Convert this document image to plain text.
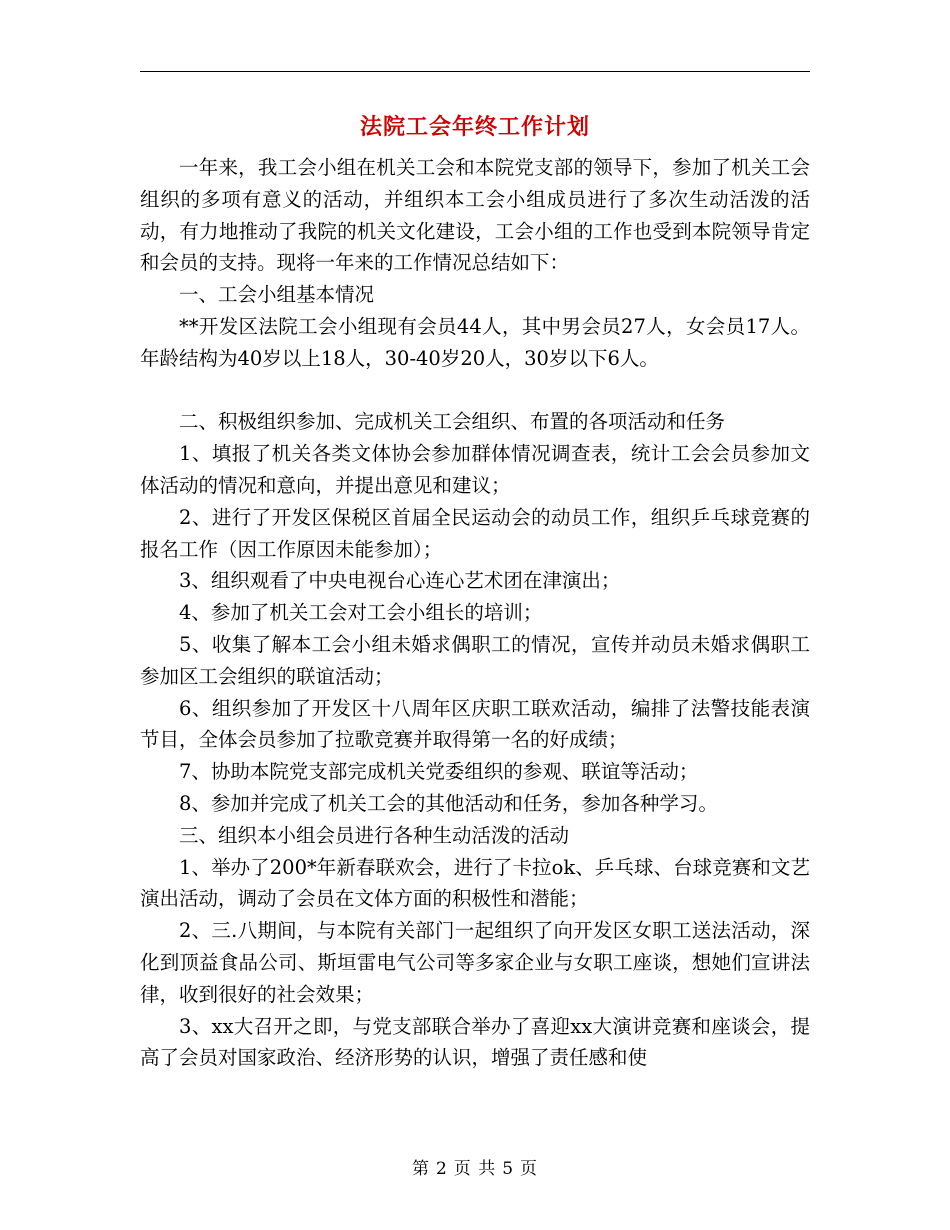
法院工会年终工作计划

一年来，我工会小组在机关工会和本院党支部的领导下，参加了机关工会组织的多项有意义的活动，并组织本工会小组成员进行了多次生动活泼的活动，有力地推动了我院的机关文化建设，工会小组的工作也受到本院领导肯定和会员的支持。现将一年来的工作情况总结如下：

一、工会小组基本情况

**开发区法院工会小组现有会员44人，其中男会员27人，女会员17人。年龄结构为40岁以上18人，30-40岁20人，30岁以下6人。

二、积极组织参加、完成机关工会组织、布置的各项活动和任务

1、填报了机关各类文体协会参加群体情况调查表，统计工会会员参加文体活动的情况和意向，并提出意见和建议；

2、进行了开发区保税区首届全民运动会的动员工作，组织乒乓球竞赛的报名工作（因工作原因未能参加）；

3、组织观看了中央电视台心连心艺术团在津演出；

4、参加了机关工会对工会小组长的培训；

5、收集了解本工会小组未婚求偶职工的情况，宣传并动员未婚求偶职工参加区工会组织的联谊活动；

6、组织参加了开发区十八周年区庆职工联欢活动，编排了法警技能表演节目，全体会员参加了拉歌竞赛并取得第一名的好成绩；

7、协助本院党支部完成机关党委组织的参观、联谊等活动；

8、参加并完成了机关工会的其他活动和任务，参加各种学习。

三、组织本小组会员进行各种生动活泼的活动

1、举办了200*年新春联欢会，进行了卡拉ok、乒乓球、台球竞赛和文艺演出活动，调动了会员在文体方面的积极性和潜能；

2、三.八期间，与本院有关部门一起组织了向开发区女职工送法活动，深化到顶益食品公司、斯垣雷电气公司等多家企业与女职工座谈，想她们宣讲法律，收到很好的社会效果；

3、xx大召开之即，与党支部联合举办了喜迎xx大演讲竞赛和座谈会，提高了会员对国家政治、经济形势的认识，增强了责任感和使

第 2 页 共 5 页
